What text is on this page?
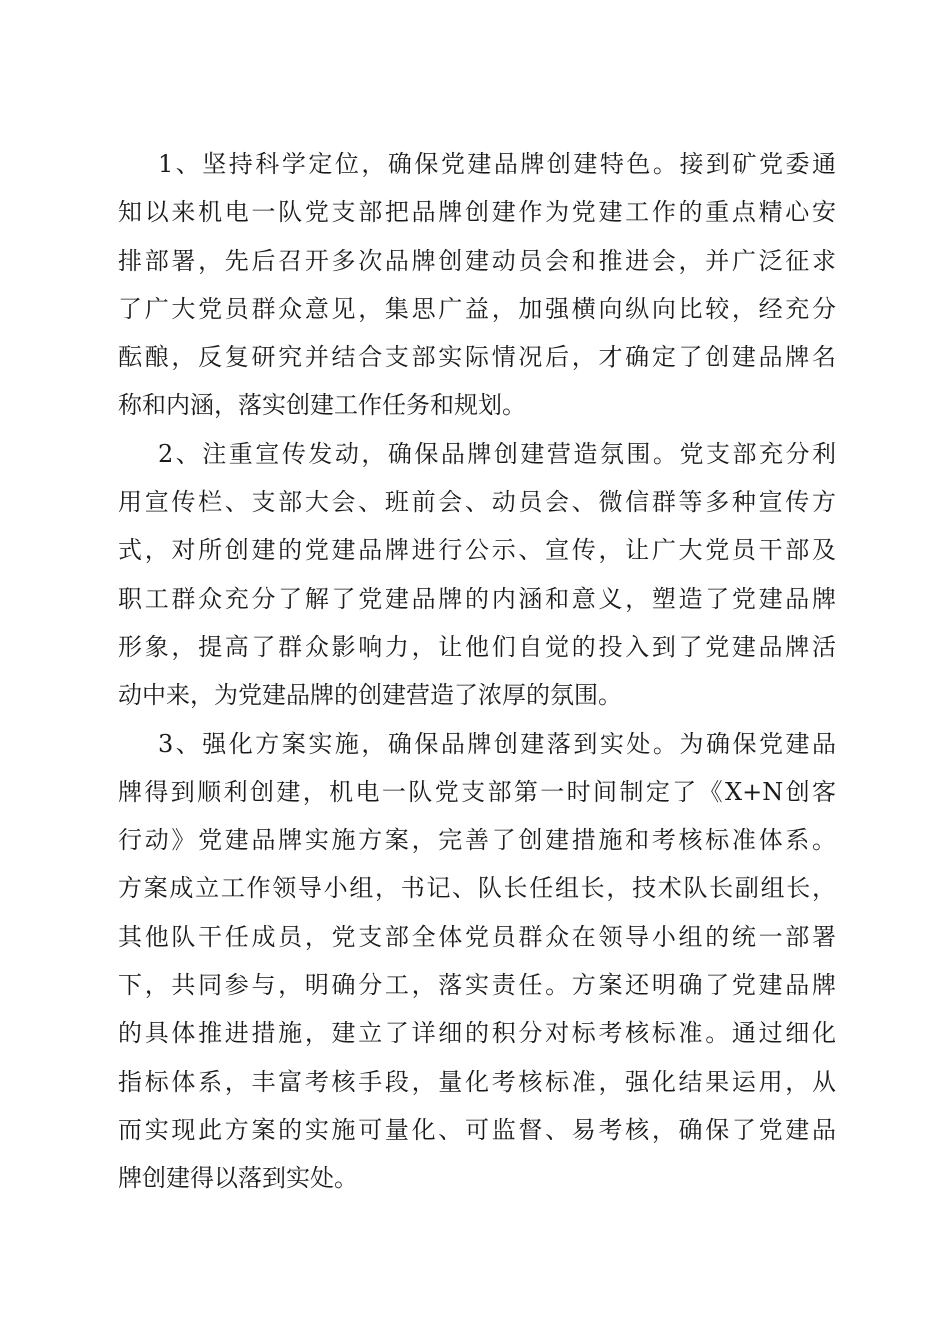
1、坚持科学定位，确保党建品牌创建特色。接到矿党委通
知以来机电一队党支部把品牌创建作为党建工作的重点精心安
排部署，先后召开多次品牌创建动员会和推进会，并广泛征求
了广大党员群众意见，集思广益，加强横向纵向比较，经充分
酝酿，反复研究并结合支部实际情况后，才确定了创建品牌名
称和内涵，落实创建工作任务和规划。
2、注重宣传发动，确保品牌创建营造氛围。党支部充分利
用宣传栏、支部大会、班前会、动员会、微信群等多种宣传方
式，对所创建的党建品牌进行公示、宣传，让广大党员干部及
职工群众充分了解了党建品牌的内涵和意义，塑造了党建品牌
形象，提高了群众影响力，让他们自觉的投入到了党建品牌活
动中来，为党建品牌的创建营造了浓厚的氛围。
3、强化方案实施，确保品牌创建落到实处。为确保党建品
牌得到顺利创建，机电一队党支部第一时间制定了《X+N创客
行动》党建品牌实施方案，完善了创建措施和考核标准体系。
方案成立工作领导小组，书记、队长任组长，技术队长副组长，
其他队干任成员，党支部全体党员群众在领导小组的统一部署
下，共同参与，明确分工，落实责任。方案还明确了党建品牌
的具体推进措施，建立了详细的积分对标考核标准。通过细化
指标体系，丰富考核手段，量化考核标准，强化结果运用，从
而实现此方案的实施可量化、可监督、易考核，确保了党建品
牌创建得以落到实处。
